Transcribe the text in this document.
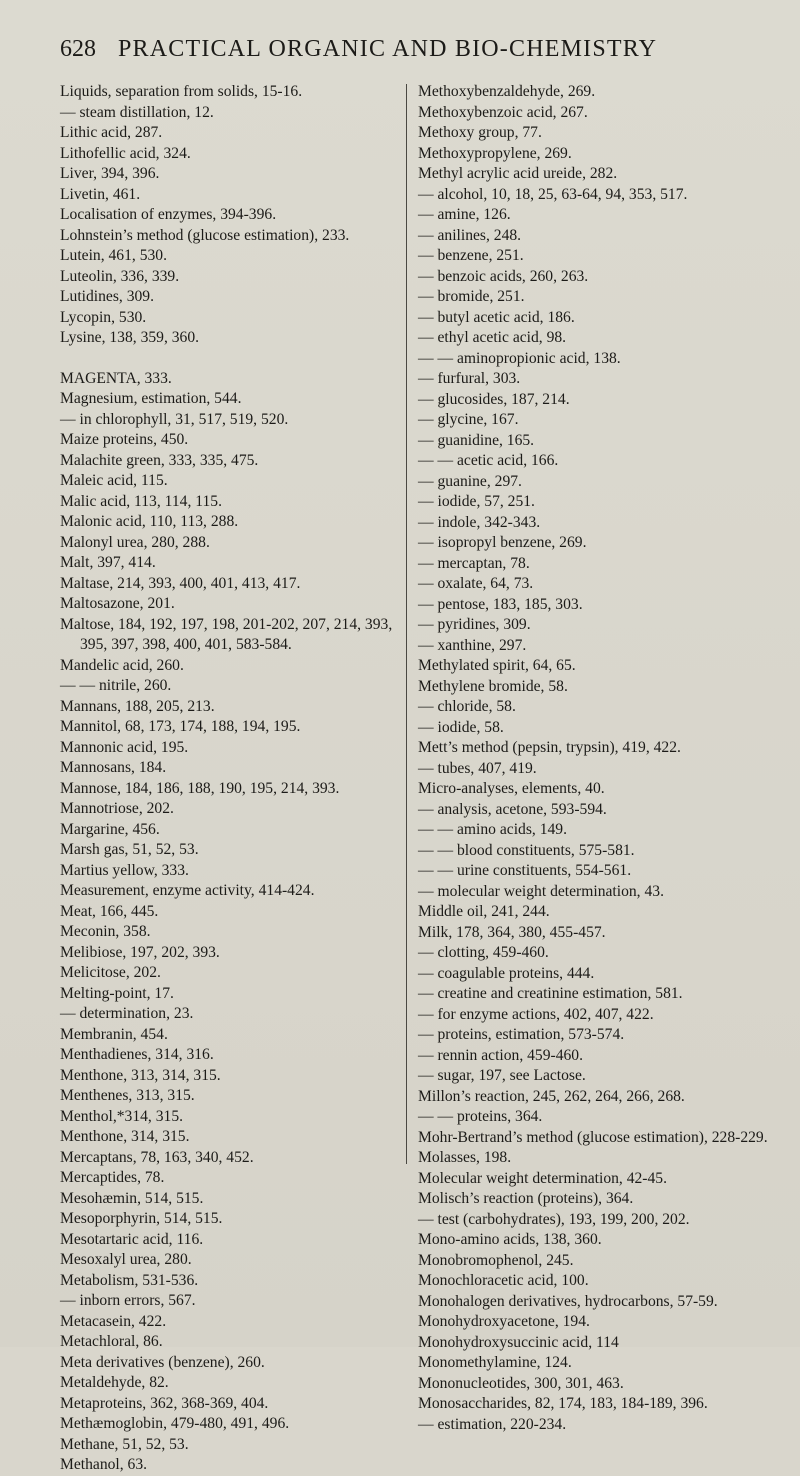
628 PRACTICAL ORGANIC AND BIO-CHEMISTRY
Liquids, separation from solids, 15-16.
— steam distillation, 12.
Lithic acid, 287.
Lithofellic acid, 324.
Liver, 394, 396.
Livetin, 461.
Localisation of enzymes, 394-396.
Lohnstein’s method (glucose estimation), 233.
Lutein, 461, 530.
Luteolin, 336, 339.
Lutidines, 309.
Lycopin, 530.
Lysine, 138, 359, 360.
MAGENTA, 333.
Magnesium, estimation, 544.
— in chlorophyll, 31, 517, 519, 520.
Maize proteins, 450.
Malachite green, 333, 335, 475.
Maleic acid, 115.
Malic acid, 113, 114, 115.
Malonic acid, 110, 113, 288.
Malonyl urea, 280, 288.
Malt, 397, 414.
Maltase, 214, 393, 400, 401, 413, 417.
Maltosazone, 201.
Maltose, 184, 192, 197, 198, 201-202, 207, 214, 393, 395, 397, 398, 400, 401, 583-584.
Mandelic acid, 260.
— — nitrile, 260.
Mannans, 188, 205, 213.
Mannitol, 68, 173, 174, 188, 194, 195.
Mannonic acid, 195.
Mannosans, 184.
Mannose, 184, 186, 188, 190, 195, 214, 393.
Mannotriose, 202.
Margarine, 456.
Marsh gas, 51, 52, 53.
Martius yellow, 333.
Measurement, enzyme activity, 414-424.
Meat, 166, 445.
Meconin, 358.
Melibiose, 197, 202, 393.
Melicitose, 202.
Melting-point, 17.
— determination, 23.
Membranin, 454.
Menthadienes, 314, 316.
Menthone, 313, 314, 315.
Menthenes, 313, 315.
Menthol,*314, 315.
Menthone, 314, 315.
Mercaptans, 78, 163, 340, 452.
Mercaptides, 78.
Mesohæmin, 514, 515.
Mesoporphyrin, 514, 515.
Mesotartaric acid, 116.
Mesoxalyl urea, 280.
Metabolism, 531-536.
— inborn errors, 567.
Metacasein, 422.
Metachloral, 86.
Meta derivatives (benzene), 260.
Metaldehyde, 82.
Metaproteins, 362, 368-369, 404.
Methæmoglobin, 479-480, 491, 496.
Methane, 51, 52, 53.
Methanol, 63.
Methoxybenzaldehyde, 269.
Methoxybenzoic acid, 267.
Methoxy group, 77.
Methoxypropylene, 269.
Methyl acrylic acid ureide, 282.
— alcohol, 10, 18, 25, 63-64, 94, 353, 517.
— amine, 126.
— anilines, 248.
— benzene, 251.
— benzoic acids, 260, 263.
— bromide, 251.
— butyl acetic acid, 186.
— ethyl acetic acid, 98.
— — aminopropionic acid, 138.
— furfural, 303.
— glucosides, 187, 214.
— glycine, 167.
— guanidine, 165.
— — acetic acid, 166.
— guanine, 297.
— iodide, 57, 251.
— indole, 342-343.
— isopropyl benzene, 269.
— mercaptan, 78.
— oxalate, 64, 73.
— pentose, 183, 185, 303.
— pyridines, 309.
— xanthine, 297.
Methylated spirit, 64, 65.
Methylene bromide, 58.
— chloride, 58.
— iodide, 58.
Mett’s method (pepsin, trypsin), 419, 422.
— tubes, 407, 419.
Micro-analyses, elements, 40.
— analysis, acetone, 593-594.
— — amino acids, 149.
— — blood constituents, 575-581.
— — urine constituents, 554-561.
— molecular weight determination, 43.
Middle oil, 241, 244.
Milk, 178, 364, 380, 455-457.
— clotting, 459-460.
— coagulable proteins, 444.
— creatine and creatinine estimation, 581.
— for enzyme actions, 402, 407, 422.
— proteins, estimation, 573-574.
— rennin action, 459-460.
— sugar, 197, see Lactose.
Millon’s reaction, 245, 262, 264, 266, 268.
— — proteins, 364.
Mohr-Bertrand’s method (glucose estimation), 228-229.
Molasses, 198.
Molecular weight determination, 42-45.
Molisch’s reaction (proteins), 364.
— test (carbohydrates), 193, 199, 200, 202.
Mono-amino acids, 138, 360.
Monobromophenol, 245.
Monochloracetic acid, 100.
Monohalogen derivatives, hydrocarbons, 57-59.
Monohydroxyacetone, 194.
Monohydroxysuccinic acid, 114
Monomethylamine, 124.
Mononucleotides, 300, 301, 463.
Monosaccharides, 82, 174, 183, 184-189, 396.
— estimation, 220-234.
